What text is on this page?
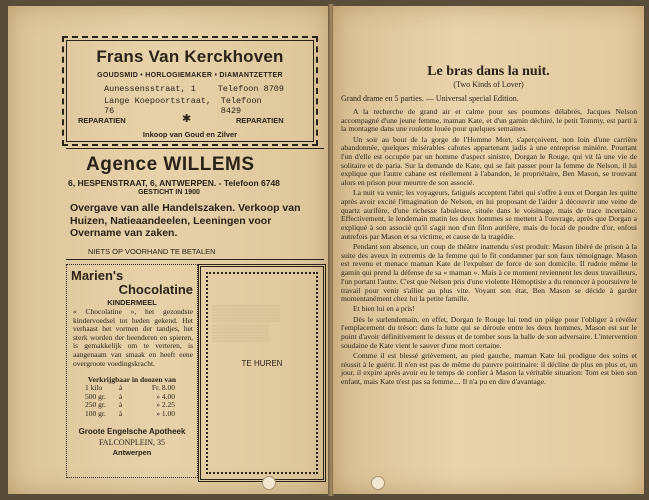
Frans Van Kerckhoven
GOUDSMID • HORLOGIEMAKER • DIAMANTZETTER
Aunessensstraat, 1	Telefoon 8709
Lange Koepoortstraat, 76
Telefoon 8429
REPARATIEN	✱	REPARATIEN
Inkoop van Goud en Zilver
Agence WILLEMS
6, HESPENSTRAAT, 6, ANTWERPEN. - Telefoon 6748
GESTICHT IN 1900
Overgave van alle Handelszaken. Verkoop van Huizen, Natieaandeelen, Leeningen voor Overname van zaken.
NIETS OP VOORHAND TE BETALEN
Marien's
Chocolatine
KINDERMEEL
« Chocolatine », het gezondste kindervoedsel tot heden gekend. Het verhaast het vormen der tandjes, het sterk worden der beenderen en spieren, is gemakkelijk om te verteren, is aangenaam van smaak en heeft eene overgroote voedingskracht.
Verkrijgbaar in doozen van
1 kilo	à	Fr. 8.00
500 gr.	à	» 4.00
250 gr.	à	» 2.25
100 gr.	à	» 1.00
Groote Engelsche Apotheek
FALCONPLEIN, 35
Antwerpen
▒▒▒▒▒▒
▒▒▒▒▒
TE HUREN
Le bras dans la nuit.
(Two Kinds of Lover)
Grand drame en 5 parties. — Universal special Edition.

A la recherche de grand air et calme pour ses poumons délabrés, Jacques Nelson accompagné d'une jeune femme, maman Kate, et d'un gamin déchiré, le petit Tommy, est parti à la montagne dans une roulotte louée pour quelques semaines.

Un soir au bout de la gorge de l'Homme Mort, s'aperçoivent, non loin d'une carrière abandonnée, quelques misérables cahutes appartenant jadis à une entreprise minière. Pourtant l'un d'elle est occupée par un homme d'aspect sinistre, Dorgan le Rouge, qui vit là une vie de solitaire et de paria. Sur la demande de Kate, qui se fait passer pour la femme de Nelson, il lui explique que l'autre cabane est réellement à l'abandon, le propriétaire, Ben Mason, se trouvant alors en prison pour meurtre de son associé.

La nuit va venir; les voyageurs, fatigués acceptent l'abri qui s'offre à eux et Dorgan les quitte après avoir excité l'imagination de Nelson, en lui proposant de l'aider à découvrir une veine de quartz aurifère, d'une richesse fabuleuse, située dans le voisinage, mais de trace incertaine. Effectivement, le lendemain matin les deux hommes se mettent à l'ouvrage, après que Dorgan a expliqué à son associé qu'il s'agit non d'un filon aurifère, mais du local de poudre d'or, enfoui autrefois par Mason et sa victime, et cause de la tragédie.

Pendant son absence, un coup de théâtre inattendu s'est produit: Mason libéré de prison à la suite des aveux in extremis de la femme qui le fit condamner par son faux témoignage. Mason est revenu et menace maman Kate de l'expulser de force de son domicile. Il rudoie même le gamin qui prend la défense de sa « maman ». Mais à ce moment reviennent les deux travailleurs, l'un portant l'autre. C'est que Nelson pris d'une violente Hémoptisie a du renoncer à poursuivre le travail pour venir s'allier au plus vite. Voyant son état, Ben Mason se décide à garder momentanément chez lui la petite famille.

Et bien lui en a pris!

Dès le surlendemain, en effet, Dorgan le Rouge lui tend un piège pour l'obliger à révéler l'emplacement du trésor: dans la lutte qui se déroule entre les deux hommes, Mason est sur le point d'avoir définitivement le dessus et de tomber sous la balle de son adversaire. L'intervention soudaine de Kate vient le sauver d'une mort certaine.

Comme il est blessé grièvement, au pied gauche, maman Kate lui prodigue des soins et réussit à le guérir. Il n'en est pas de même du pauvre poitrinaire: il décline de plus en plus et, un jour, il expire après avoir eu le temps de confier à Mason la véritable situation: Tom est bien son enfant, mais Kate n'est pas sa femme.... Il n'a pu en dire d'avantage.
